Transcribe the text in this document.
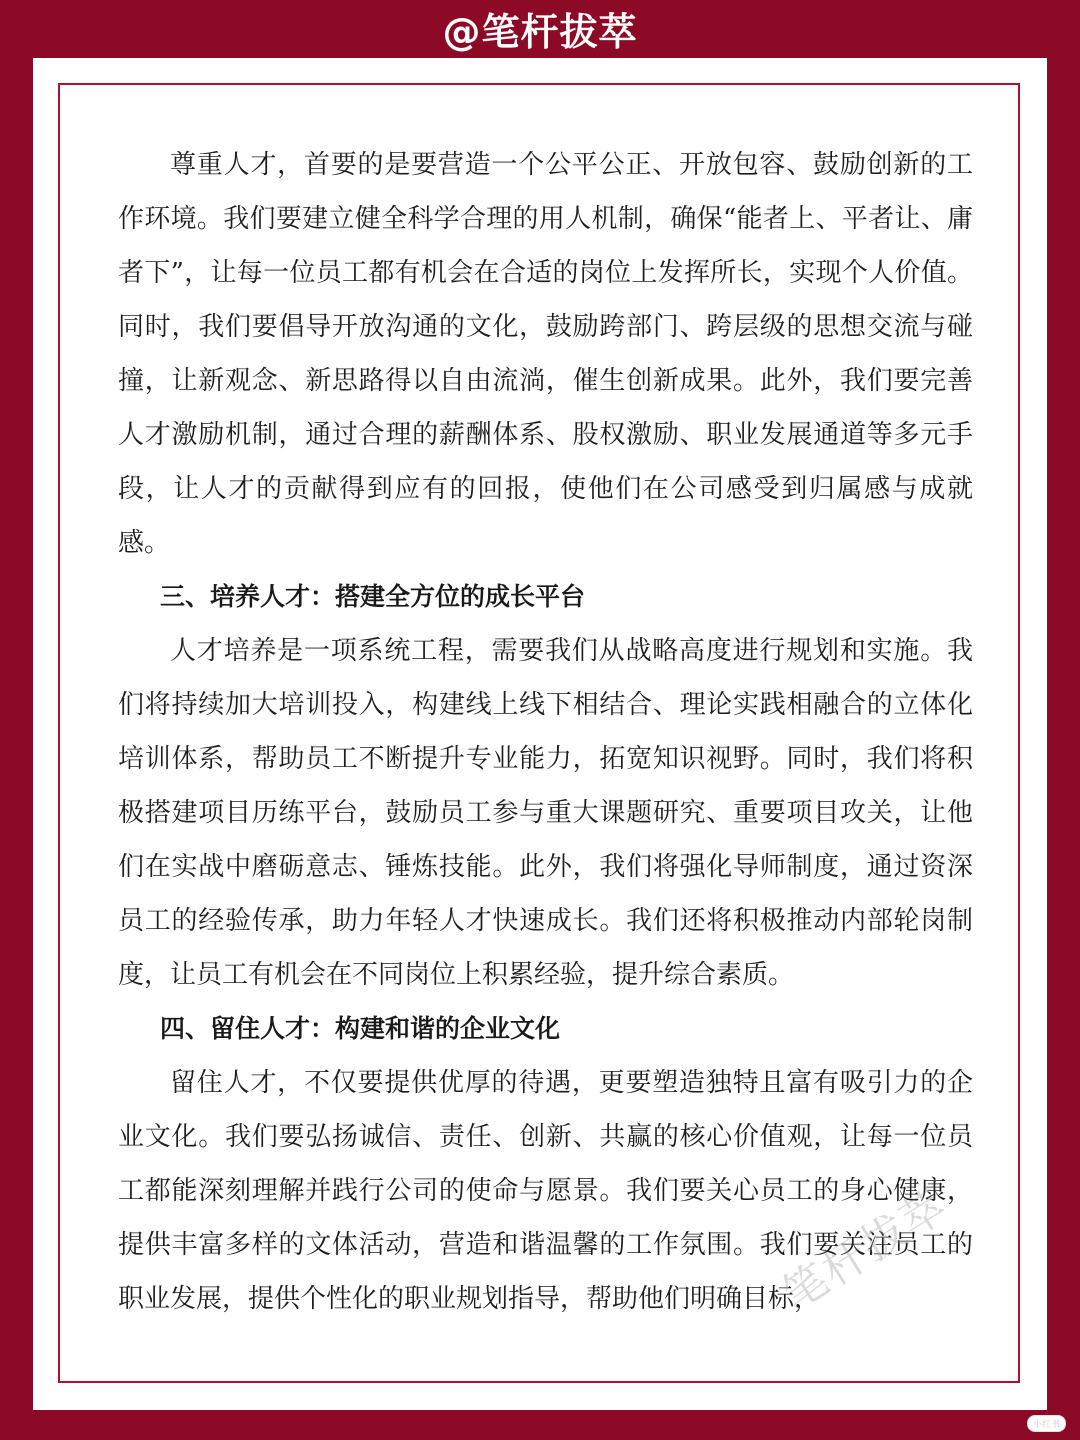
@笔杆拔萃

尊重人才，首要的是要营造一个公平公正、开放包容、鼓励创新的工作环境。我们要建立健全科学合理的用人机制，确保“能者上、平者让、庸者下”，让每一位员工都有机会在合适的岗位上发挥所长，实现个人价值。同时，我们要倡导开放沟通的文化，鼓励跨部门、跨层级的思想交流与碰撞，让新观念、新思路得以自由流淌，催生创新成果。此外，我们要完善人才激励机制，通过合理的薪酬体系、股权激励、职业发展通道等多元手段，让人才的贡献得到应有的回报，使他们在公司感受到归属感与成就感。

三、培养人才：搭建全方位的成长平台

人才培养是一项系统工程，需要我们从战略高度进行规划和实施。我们将持续加大培训投入，构建线上线下相结合、理论实践相融合的立体化培训体系，帮助员工不断提升专业能力，拓宽知识视野。同时，我们将积极搭建项目历练平台，鼓励员工参与重大课题研究、重要项目攻关，让他们在实战中磨砺意志、锤炼技能。此外，我们将强化导师制度，通过资深员工的经验传承，助力年轻人才快速成长。我们还将积极推动内部轮岗制度，让员工有机会在不同岗位上积累经验，提升综合素质。

四、留住人才：构建和谐的企业文化

留住人才，不仅要提供优厚的待遇，更要塑造独特且富有吸引力的企业文化。我们要弘扬诚信、责任、创新、共赢的核心价值观，让每一位员工都能深刻理解并践行公司的使命与愿景。我们要关心员工的身心健康，提供丰富多样的文体活动，营造和谐温馨的工作氛围。我们要关注员工的职业发展，提供个性化的职业规划指导，帮助他们明确目标，

笔杆拔萃
小红书
